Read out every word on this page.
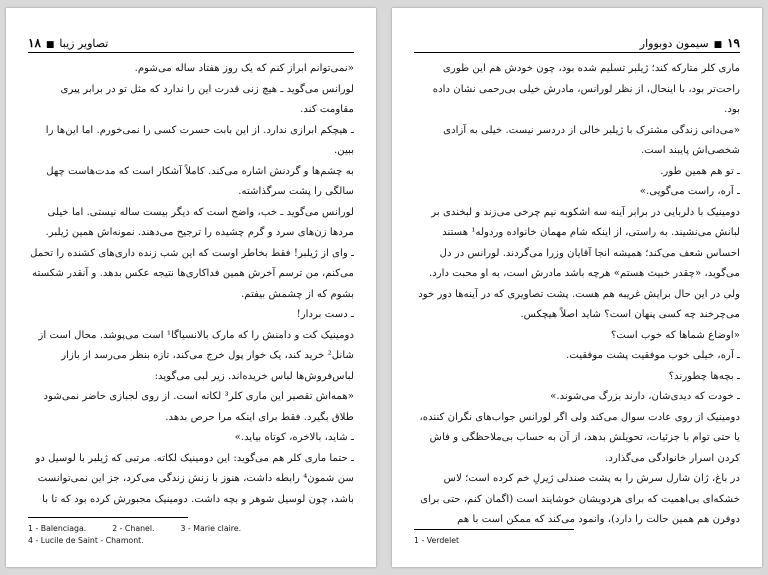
۱۸ ■ تصاویر زیبا

«نمی‌توانم ابراز کنم که یک روز هفتاد ساله می‌شوم.

لورانس می‌گوید ـ هیچ زنی قدرت این را ندارد که مثل تو در برابر پیری مقاومت کند.

ـ هیچکم ابرازی ندارد. از این بابت حسرت کسی را نمی‌خورم. اما این‌ها را ببین.

به چشم‌ها و گردنش اشاره می‌کند. کاملاً آشکار است که مدت‌هاست چهل سالگی را پشت سرگذاشته.

لورانس می‌گوید ـ خب، واضح است که دیگر بیست ساله نیستی. اما خیلی مردها زن‌های سرد و گرم چشیده را ترجیح می‌دهند. نمونه‌اش همین ژیلبر.

ـ وای از ژیلبر! فقط بخاطر اوست که این شب زنده داری‌های کشنده را تحمل می‌کنم، من ترسم آخرش همین فداکاری‌ها نتیجه عکس بدهد. و آنقدر شکسته بشوم که از چشمش بیفتم.

ـ دست بردار!

دومینیک کت و دامنش را که مارک بالانسیاگا¹ است می‌پوشد. محال است از شانل² خرید کند، یک خوار پول خرج می‌کند، تازه بنظر می‌رسد از بازار لباس‌فروش‌ها لباس خریده‌اند. زیر لبی می‌گوید:

«همه‌اش تقصیر این ماری کلر³ لکاته است. از روی لجبازی حاضر نمی‌شود طلاق بگیرد. فقط برای اینکه مرا حرص بدهد.

ـ شاید، بالاخره، کوتاه بیاید.»

ـ حتما ماری کلر هم می‌گوید: این دومینیک لکاته. مرتبی که ژیلبر با لوسیل دو سن شمون⁴ رابطه داشت، هنوز با زنش زندگی می‌کرد، جز این نمی‌توانست باشد، چون لوسیل شوهر و بچه داشت. دومینیک مجبورش کرده بود که تا با

1 - Balenciaga.	2 - Chanel.	3 - Marie claire.
4 - Lucile de Saint - Chamont.
سیمون دوبووار ■ ۱۹

ماری کلر متارکه کند؛ ژیلبر تسلیم شده بود، چون خودش هم این طوری راحت‌تر بود، با اینحال، از نظر لورانس، مادرش خیلی بی‌رحمی نشان داده بود.

«می‌دانی زندگی مشترک با ژیلبر خالی از دردسر نیست. خیلی به آزادی شخصی‌اش پایبند است.

ـ تو هم همین طور.

ـ آره، راست می‌گویی.»

دومینیک با دلربایی در برابر آینه سه اشکوبه نیم چرخی می‌زند و لبخندی بر لبانش می‌نشیند. به راستی، از اینکه شام مهمان خانواده وردوله¹ هستند احساس شعف می‌کند؛ همیشه انجا آقایان وزرا می‌گردند. لورانس در دل می‌گوید، «چقدر خبیث هستم» هرچه باشد مادرش است، به او محبت دارد. ولی در این حال برایش غریبه هم هست. پشت تصاویری که در آینه‌ها دور خود می‌چرخند چه کسی پنهان است؟ شاید اصلاً هیچکس.

«اوضاع شماها که خوب است؟

ـ آره، خیلی خوب موفقیت پشت موفقیت.

ـ بچه‌ها چطورند؟

ـ خودت که دیدی‌شان، دارند بزرگ می‌شوند.»

دومینیک از روی عادت سوال می‌کند ولی اگر لورانس جواب‌های نگران کننده، یا حتی توام با جزئیات، تحویلش بدهد، از آن به حساب بی‌ملاحظگی و فاش کردن اسرار خانوادگی می‌گذارد.

در باغ، ژان شارل سرش را به پشت صندلی ژیرلِ خم کرده است؛ لاس خشکه‌ای بی‌اهمیت که برای هردویشان خوشایند است (اگمان کنم، حتی برای دوفرن هم همین حالت را دارد)، وانمود می‌کند که ممکن است با هم

1 - Verdelet
